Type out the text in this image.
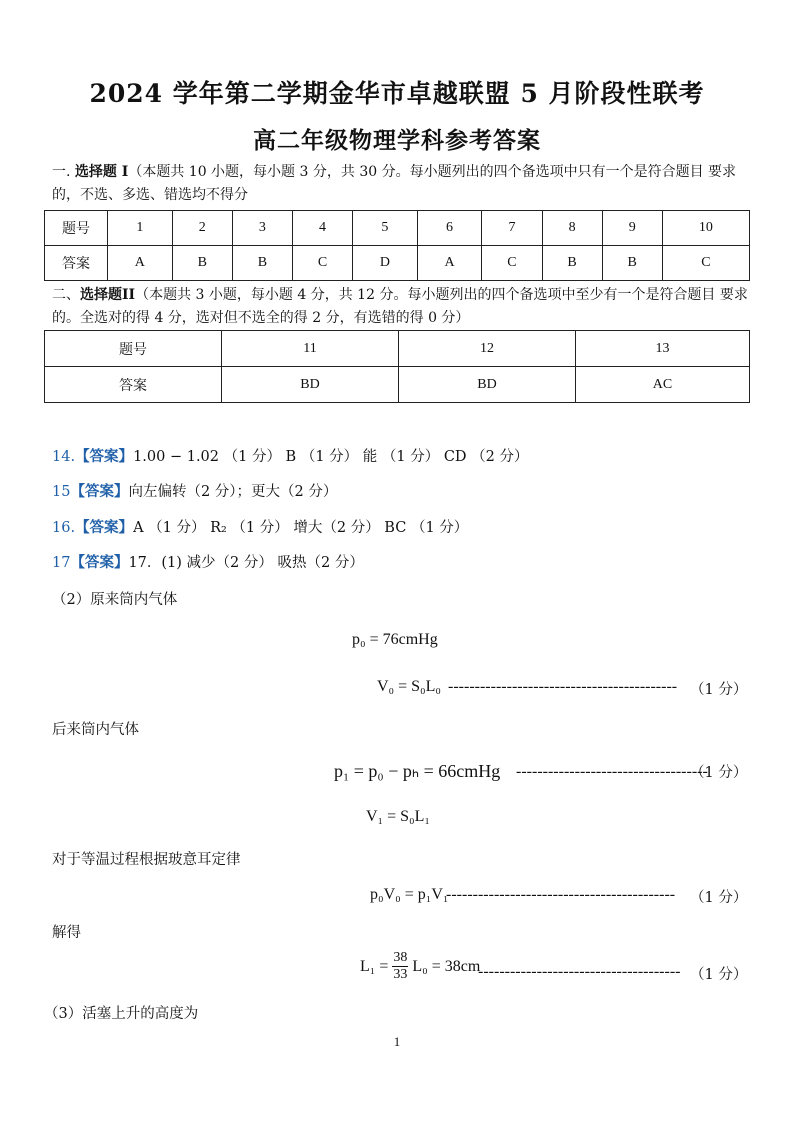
2024 学年第二学期金华市卓越联盟 5 月阶段性联考
高二年级物理学科参考答案
一. 选择题 I（本题共 10 小题，每小题 3 分，共 30 分。每小题列出的四个备选项中只有一个是符合题目 要求的，不选、多选、错选均不得分
题号	1	2	3	4	5	6	7	8	9	10
答案	A	B	B	C	D	A	C	B	B	C
二、选择题II（本题共 3 小题，每小题 4 分，共 12 分。每小题列出的四个备选项中至少有一个是符合题目 要求的。全选对的得 4 分，选对但不选全的得 2 分，有选错的得 0 分）
题号	11	12	13
答案	BD	BD	AC
14.【答案】1.00 − 1.02 （1 分） B （1 分） 能 （1 分） CD （2 分）
15【答案】向左偏转（2 分）；更大（2 分）
16.【答案】A （1 分） R₂ （1 分） 增大（2 分） BC （1 分）
17【答案】17．(1) 减少（2 分） 吸热（2 分）
（2）原来筒内气体
p₀ = 76cmHg
V₀ = S₀L₀ ------------------------------------------- （1 分）
后来筒内气体
p₁ = p₀ − pₕ = 66cmHg ------------------------------------
（1 分）
V₁ = S₀L₁
对于等温过程根据玻意耳定律
p₀V₀ = p₁V₁
------------------------------------------- （1 分）
解得
$L_1 = \frac{38}{33} L_0 = 38cm$
-------------------------------------- （1 分）
（3）活塞上升的高度为
1
